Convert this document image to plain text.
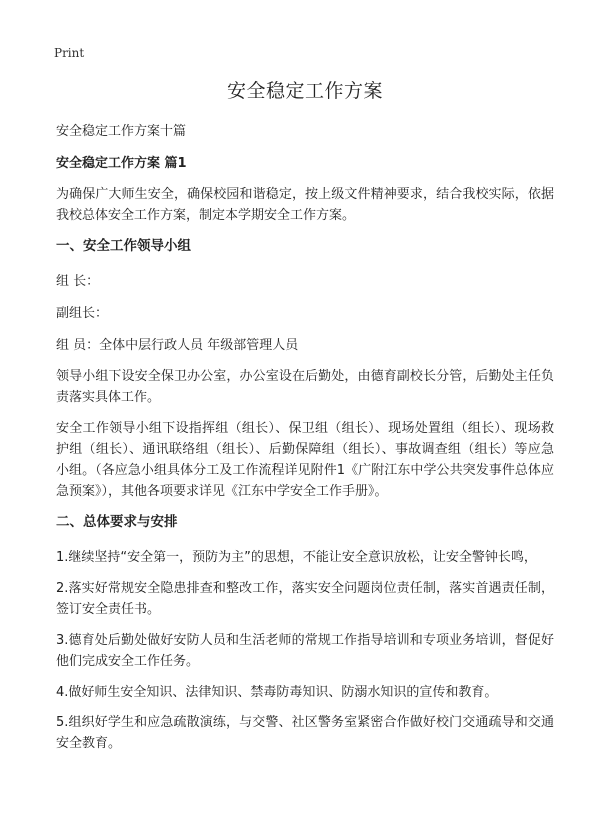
Print
安全稳定工作方案

安全稳定工作方案十篇

安全稳定工作方案 篇1

为确保广大师生安全，确保校园和谐稳定，按上级文件精神要求，结合我校实际，依据我校总体安全工作方案，制定本学期安全工作方案。

一、安全工作领导小组

组 长：

副组长：

组 员：全体中层行政人员 年级部管理人员

领导小组下设安全保卫办公室，办公室设在后勤处，由德育副校长分管，后勤处主任负责落实具体工作。

安全工作领导小组下设指挥组（组长）、保卫组（组长）、现场处置组（组长）、现场救护组（组长）、通讯联络组（组长）、后勤保障组（组长）、事故调查组（组长）等应急小组。（各应急小组具体分工及工作流程详见附件1《广附江东中学公共突发事件总体应急预案》），其他各项要求详见《江东中学安全工作手册》。

二、总体要求与安排

1.继续坚持“安全第一，预防为主”的思想，不能让安全意识放松，让安全警钟长鸣，

2.落实好常规安全隐患排查和整改工作，落实安全问题岗位责任制，落实首遇责任制，签订安全责任书。

3.德育处后勤处做好安防人员和生活老师的常规工作指导培训和专项业务培训，督促好他们完成安全工作任务。

4.做好师生安全知识、法律知识、禁毒防毒知识、防溺水知识的宣传和教育。

5.组织好学生和应急疏散演练，与交警、社区警务室紧密合作做好校门交通疏导和交通安全教育。
